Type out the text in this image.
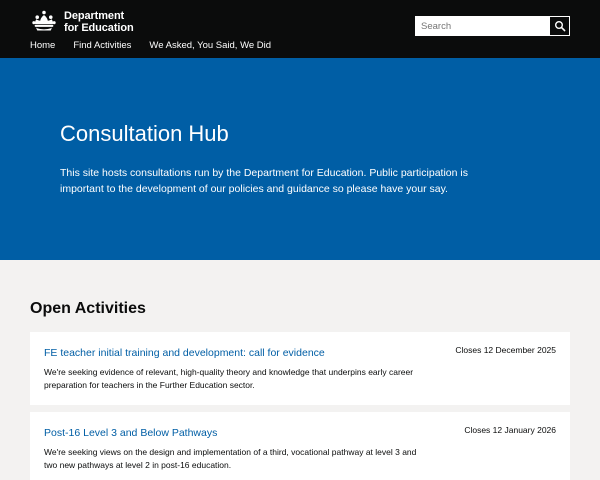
Department
for Education
Search
Home Find Activities We Asked, You Said, We Did
Consultation Hub

This site hosts consultations run by the Department for Education. Public participation is important to the development of our policies and guidance so please have your say.

Open Activities
FE teacher initial training and development: call for evidence

We're seeking evidence of relevant, high-quality theory and knowledge that underpins early career preparation for teachers in the Further Education sector.

Closes 12 December 2025
Post-16 Level 3 and Below Pathways

We're seeking views on the design and implementation of a third, vocational pathway at level 3 and two new pathways at level 2 in post-16 education.

Closes 12 January 2026
